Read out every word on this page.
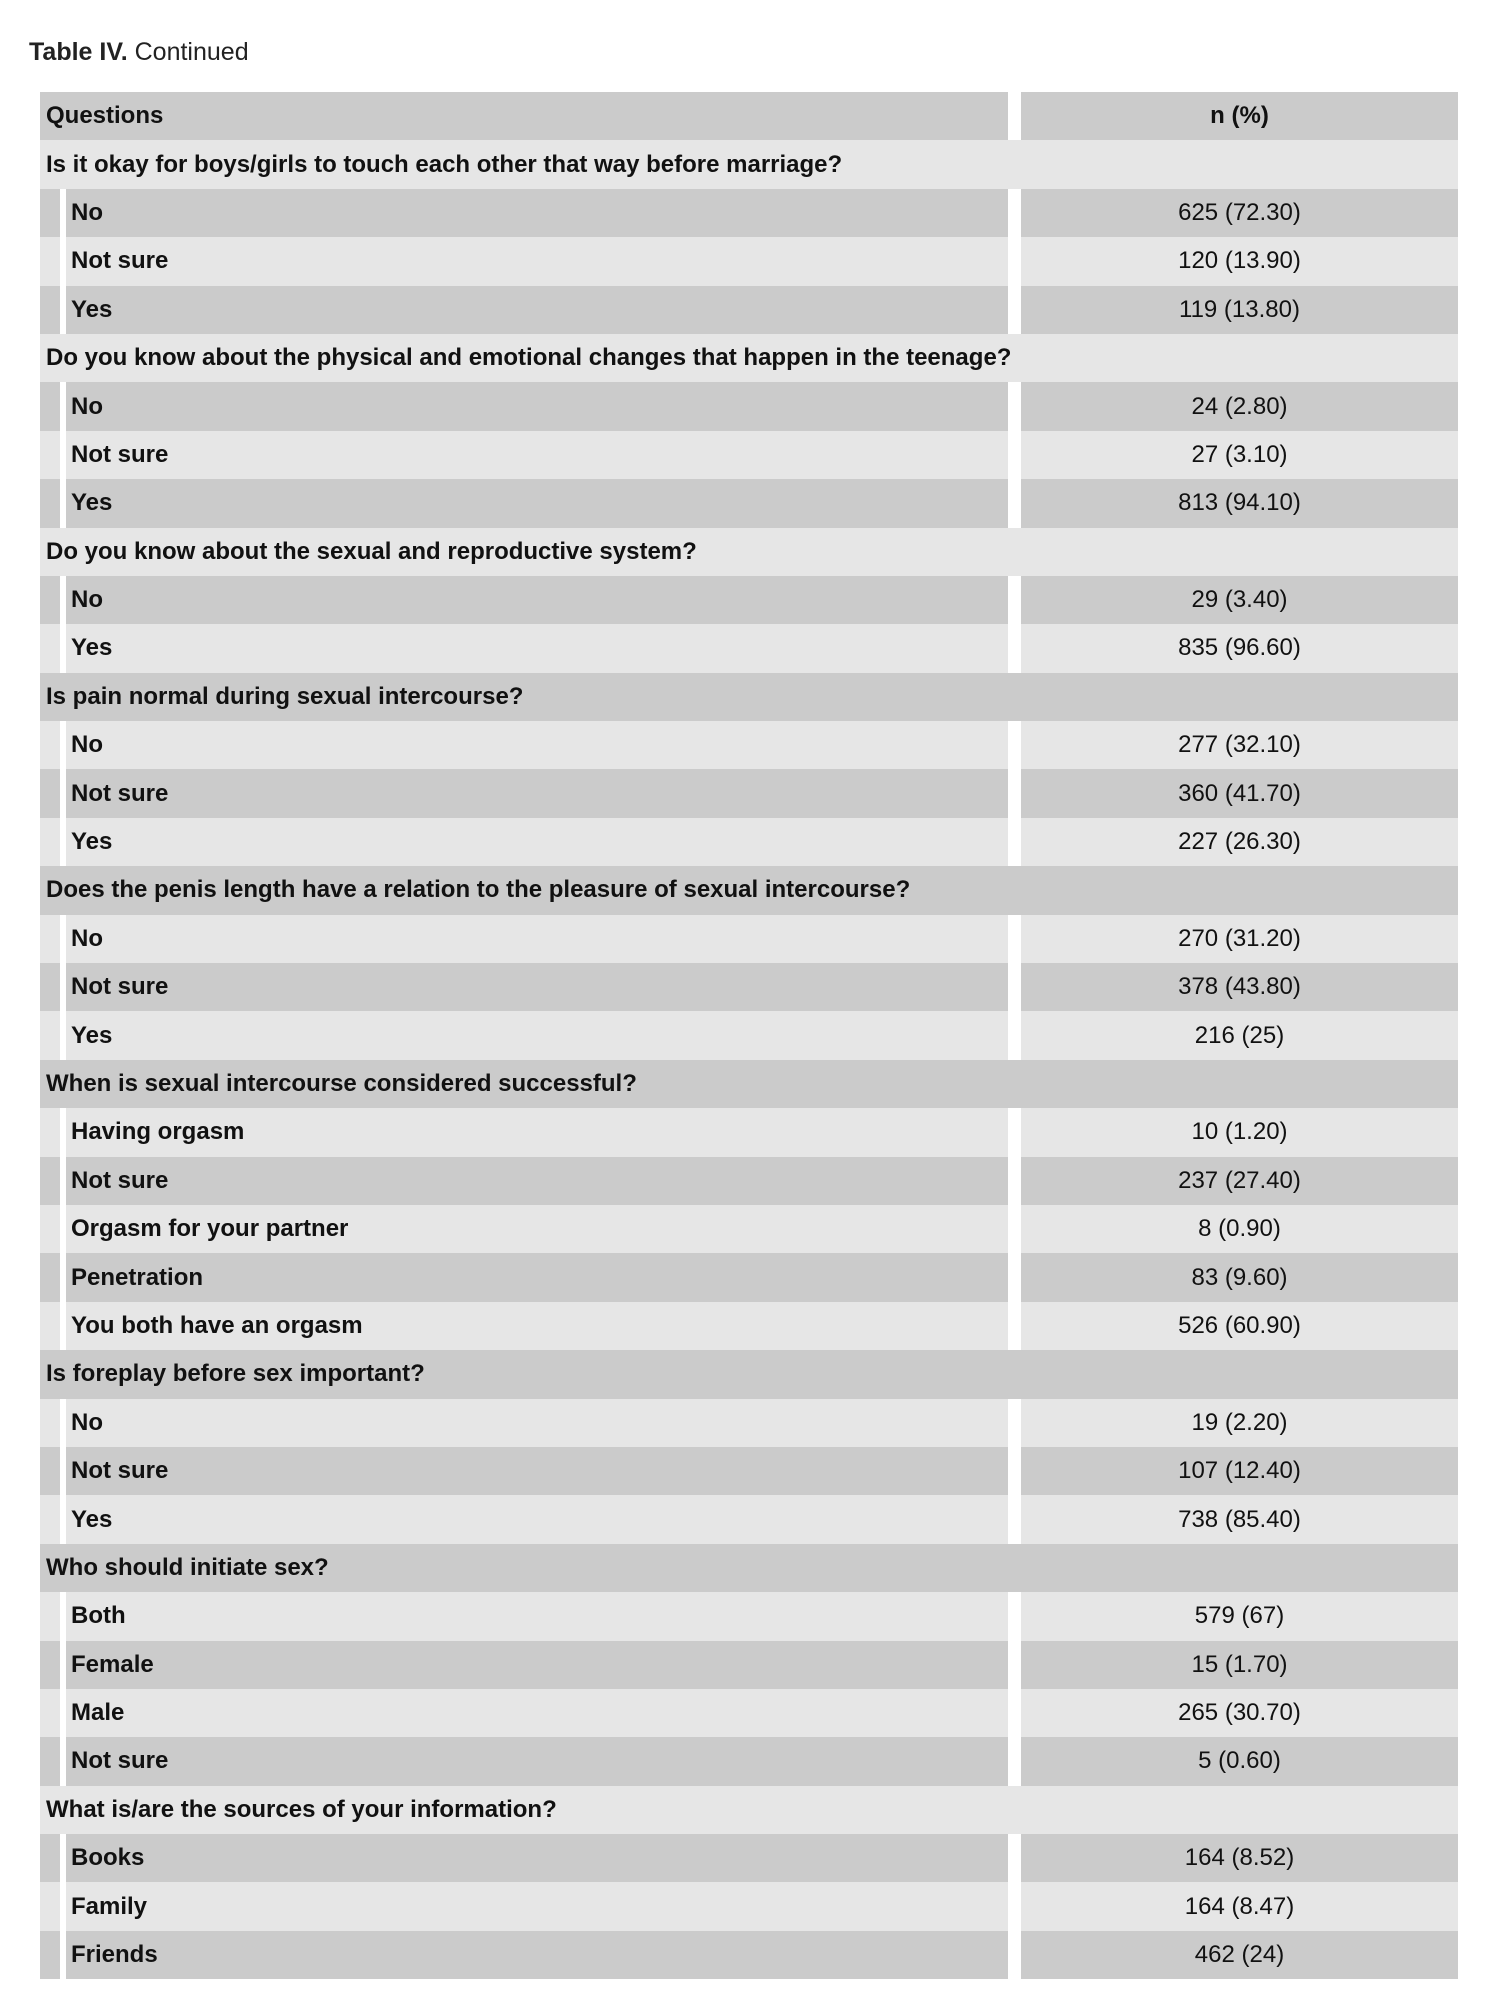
Table IV. Continued
Questions	n (%)
Is it okay for boys/girls to touch each other that way before marriage?
No	625 (72.30)
Not sure	120 (13.90)
Yes	119 (13.80)
Do you know about the physical and emotional changes that happen in the teenage?
No	24 (2.80)
Not sure	27 (3.10)
Yes	813 (94.10)
Do you know about the sexual and reproductive system?
No	29 (3.40)
Yes	835 (96.60)
Is pain normal during sexual intercourse?
No	277 (32.10)
Not sure	360 (41.70)
Yes	227 (26.30)
Does the penis length have a relation to the pleasure of sexual intercourse?
No	270 (31.20)
Not sure	378 (43.80)
Yes	216 (25)
When is sexual intercourse considered successful?
Having orgasm	10 (1.20)
Not sure	237 (27.40)
Orgasm for your partner	8 (0.90)
Penetration	83 (9.60)
You both have an orgasm	526 (60.90)
Is foreplay before sex important?
No	19 (2.20)
Not sure	107 (12.40)
Yes	738 (85.40)
Who should initiate sex?
Both	579 (67)
Female	15 (1.70)
Male	265 (30.70)
Not sure	5 (0.60)
What is/are the sources of your information?
Books	164 (8.52)
Family	164 (8.47)
Friends	462 (24)
